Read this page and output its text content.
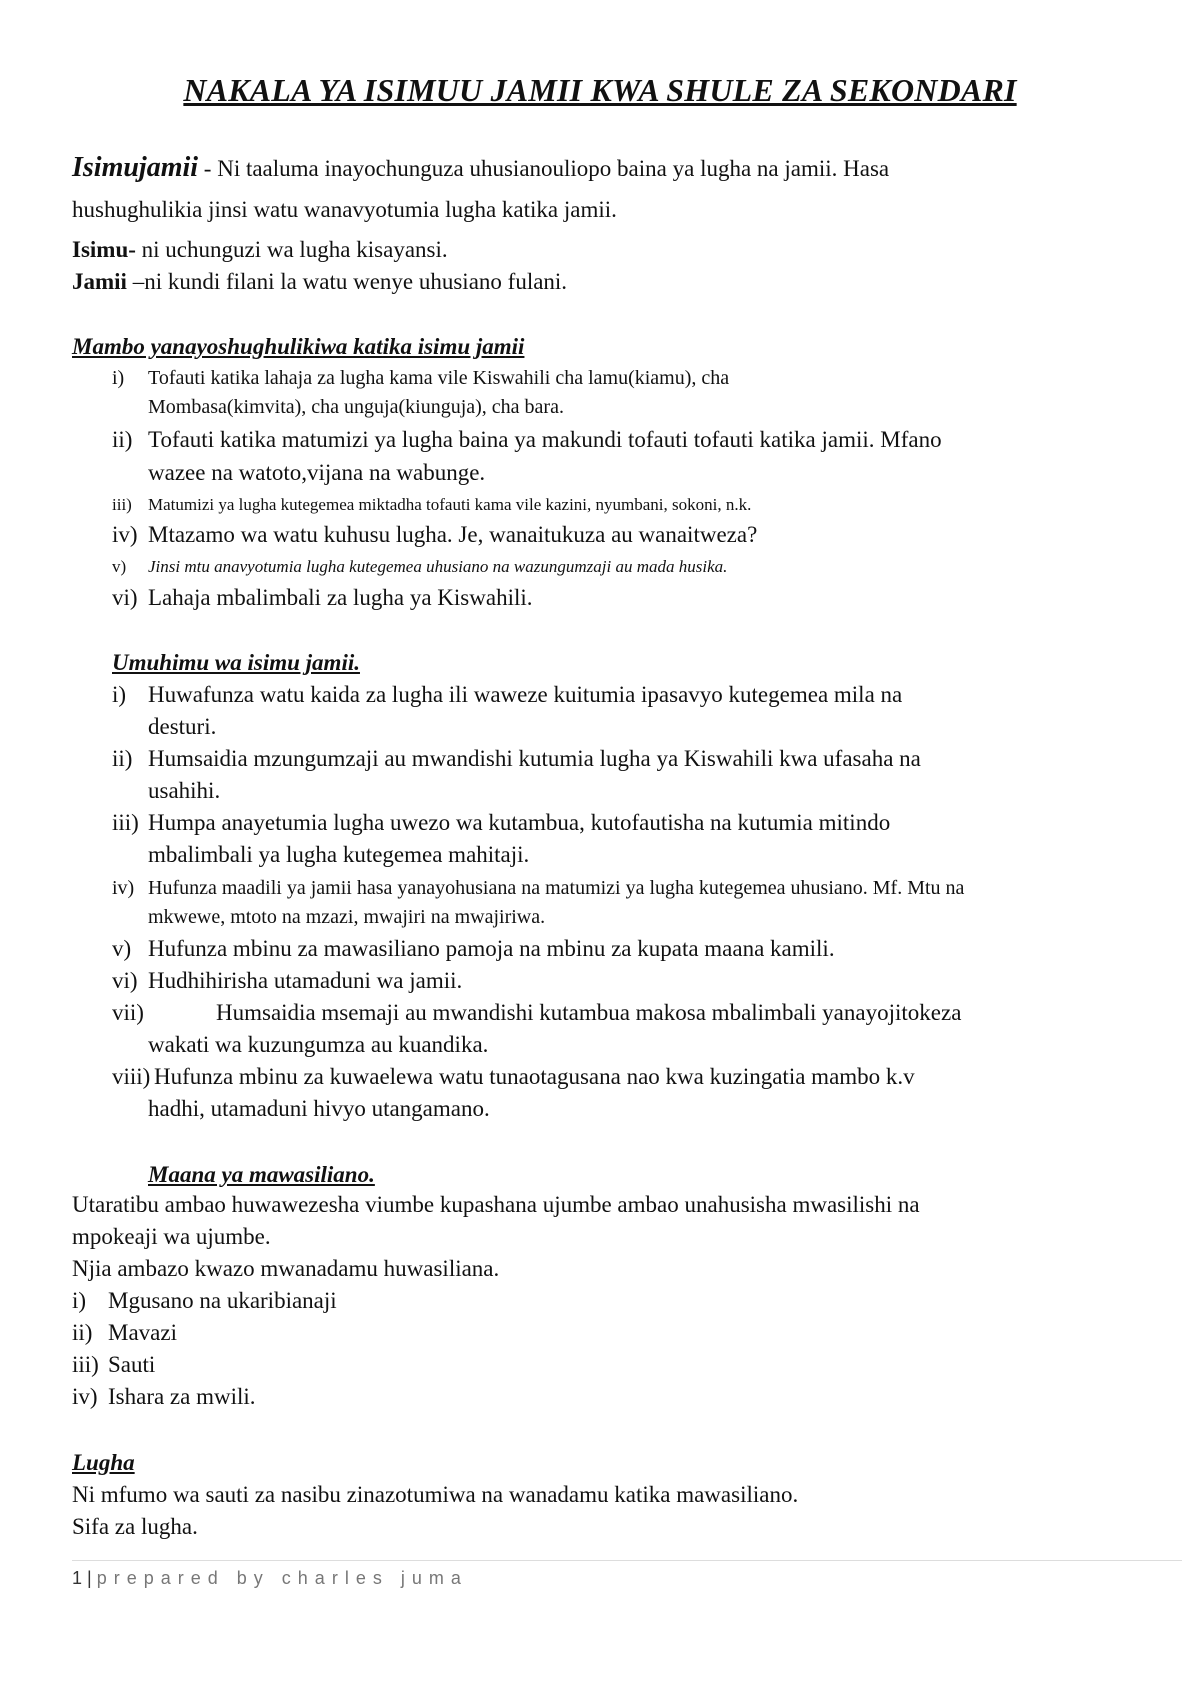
NAKALA YA ISIMUU JAMII KWA SHULE ZA SEKONDARI
Isimujamii - Ni taaluma inayochunguza uhusianouliopo baina ya lugha na jamii. Hasa
hushughulikia jinsi watu wanavyotumia lugha katika jamii.
Isimu- ni uchunguzi wa lugha kisayansi.
Jamii –ni kundi filani la watu wenye uhusiano fulani.
Mambo yanayoshughulikiwa katika isimu jamii
i) Tofauti katika lahaja za lugha kama vile Kiswahili cha lamu(kiamu), cha
Mombasa(kimvita), cha unguja(kiunguja), cha bara.
ii) Tofauti katika matumizi ya lugha baina ya makundi tofauti tofauti katika jamii. Mfano
wazee na watoto,vijana na wabunge.
iii) Matumizi ya lugha kutegemea miktadha tofauti kama vile kazini, nyumbani, sokoni, n.k.
iv) Mtazamo wa watu kuhusu lugha. Je, wanaitukuza au wanaitweza?
v) Jinsi mtu anavyotumia lugha kutegemea uhusiano na wazungumzaji au mada husika.
vi) Lahaja mbalimbali za lugha ya Kiswahili.
Umuhimu wa isimu jamii.
i) Huwafunza watu kaida za lugha ili waweze kuitumia ipasavyo kutegemea mila na
desturi.
ii) Humsaidia mzungumzaji au mwandishi kutumia lugha ya Kiswahili kwa ufasaha na
usahihi.
iii) Humpa anayetumia lugha uwezo wa kutambua, kutofautisha na kutumia mitindo
mbalimbali ya lugha kutegemea mahitaji.
iv) Hufunza maadili ya jamii hasa yanayohusiana na matumizi ya lugha kutegemea uhusiano. Mf. Mtu na
mkwewe, mtoto na mzazi, mwajiri na mwajiriwa.
v) Hufunza mbinu za mawasiliano pamoja na mbinu za kupata maana kamili.
vi) Hudhihirisha utamaduni wa jamii.
vii)	Humsaidia msemaji au mwandishi kutambua makosa mbalimbali yanayojitokeza
wakati wa kuzungumza au kuandika.
viii) Hufunza mbinu za kuwaelewa watu tunaotagusana nao kwa kuzingatia mambo k.v
hadhi, utamaduni hivyo utangamano.
Maana ya mawasiliano.
Utaratibu ambao huwawezesha viumbe kupashana ujumbe ambao unahusisha mwasilishi na
mpokeaji wa ujumbe.
Njia ambazo kwazo mwanadamu huwasiliana.
i) Mgusano na ukaribianaji
ii) Mavazi
iii) Sauti
iv) Ishara za mwili.
Lugha
Ni mfumo wa sauti za nasibu zinazotumiwa na wanadamu katika mawasiliano.
Sifa za lugha.
1 | prepared by charles juma
